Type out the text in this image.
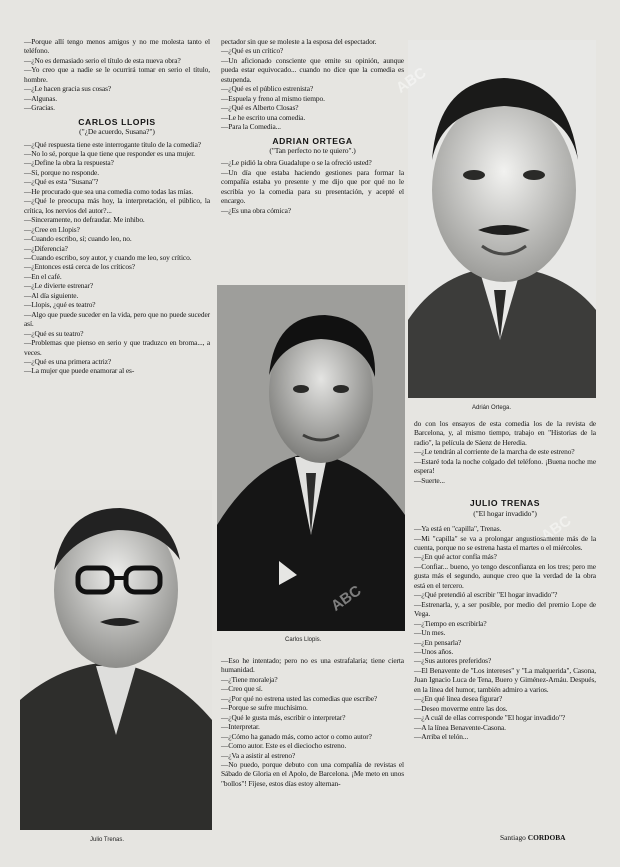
—Porque allí tengo menos amigos y no me molesta tanto el teléfono.

—¿No es demasiado serio el título de esta nueva obra?

—Yo creo que a nadie se le ocurrirá tomar en serio el título, hombre.

—¿Le hacen gracia sus cosas?

—Algunas.

—Gracias.

CARLOS LLOPIS
("¿De acuerdo, Susana?")

—¿Qué respuesta tiene este interrogante título de la comedia?

—No lo sé, porque la que tiene que responder es una mujer.

—¿Define la obra la respuesta?

—Sí, porque no responde.

—¿Qué es esta "Susana"?

—He procurado que sea una comedia como todas las mías.

—¿Qué le preocupa más hoy, la interpretación, el público, la crítica, los nervios del autor?...

—Sinceramente, no defraudar. Me inhibo.

—¿Cree en Llopis?

—Cuando escribo, sí; cuando leo, no.

—¿Diferencia?

—Cuando escribo, soy autor, y cuando me leo, soy crítico.

—¿Entonces está cerca de los críticos?

—En el café.

—¿Le divierte estrenar?

—Al día siguiente.

—Llopis, ¿qué es teatro?

—Algo que puede suceder en la vida, pero que no puede suceder así.

—¿Qué es su teatro?

—Problemas que pienso en serio y que traduzco en broma..., a veces.

—¿Qué es una primera actriz?

—La mujer que puede enamorar al es-

pectador sin que se moleste a la esposa del espectador.

—¿Qué es un crítico?

—Un aficionado consciente que emite su opinión, aunque pueda estar equivocado... cuando no dice que la comedia es estupenda.

—¿Qué es el público estrenista?

—Espuela y freno al mismo tiempo.

—¿Qué es Alberto Closas?

—Le he escrito una comedia.

—Para la Comedia...

ADRIAN ORTEGA
("Tan perfecto no te quiero".)

—¿Le pidió la obra Guadalupe o se la ofreció usted?

—Un día que estaba haciendo gestiones para formar la compañía estaba yo presente y me dijo que por qué no le escribía yo la comedia para su presentación, y acepté el encargo.

—¿Es una obra cómica?

Adrián Ortega.
Carlos Llopis.

do con los ensayos de esta comedia los de la revista de Barcelona, y, al mismo tiempo, trabajo en "Historias de la radio", la película de Sáenz de Heredia.

—¿Le tendrán al corriente de la marcha de este estreno?

—Estaré toda la noche colgado del teléfono. ¡Buena noche me espera!

—Suerte...

JULIO TRENAS
("El hogar invadido")

—Ya está en "capilla", Trenas.

—Mi "capilla" se va a prolongar angustiosamente más de la cuenta, porque no se estrena hasta el martes o el miércoles.

—¿En qué actor confía más?

—Confiar... bueno, yo tengo desconfianza en los tres; pero me gusta más el segundo, aunque creo que la verdad de la obra está en el tercero.

—¿Qué pretendió al escribir "El hogar invadido"?

—Estrenarla, y, a ser posible, por medio del premio Lope de Vega.

—¿Tiempo en escribirla?

—Un mes.

—¿En pensarla?

—Unos años.

—¿Sus autores preferidos?

—El Benavente de "Los intereses" y "La malquerida", Casona, Juan Ignacio Luca de Tena, Buero y Giménez-Arnáu. Después, en la línea del humor, también admiro a varios.

—¿En qué línea desea figurar?

—Deseo moverme entre las dos.

—¿A cuál de ellas corresponde "El hogar invadido"?

—A la línea Benavente-Casona.

—Arriba el telón...

Julio Trenas.

—Eso he intentado; pero no es una estrafalaria; tiene cierta humanidad.

—¿Tiene moraleja?

—Creo que sí.

—¿Por qué no estrena usted las comedias que escribe?

—Porque se sufre muchísimo.

—¿Qué le gusta más, escribir o interpretar?

—Interpretar.

—¿Cómo ha ganado más, como actor o como autor?

—Como autor. Este es el dieciocho estreno.

—¿Va a asistir al estreno?

—No puedo, porque debuto con una compañía de revistas el Sábado de Gloria en el Apolo, de Barcelona. ¡Me meto en unos "bollos"! Fíjese, estos días estoy alternan-

Santiago CORDOBA
ABC
ABC
ABC
